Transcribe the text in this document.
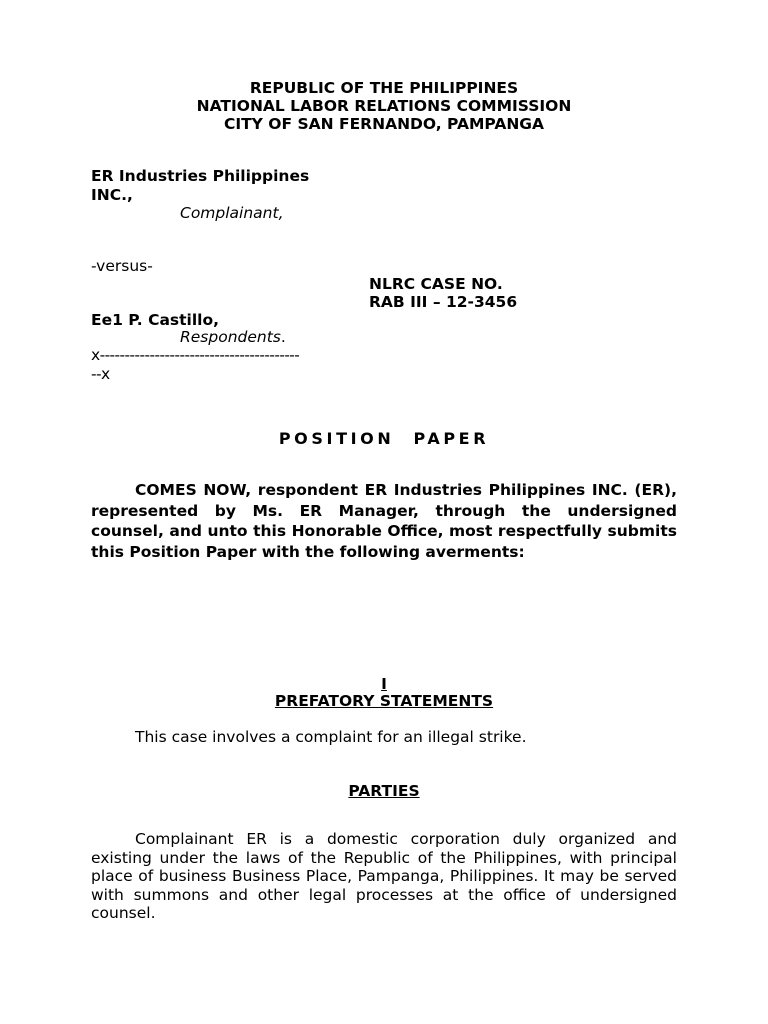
REPUBLIC OF THE PHILIPPINES

NATIONAL LABOR RELATIONS COMMISSION

CITY OF SAN FERNANDO, PAMPANGA

ER Industries Philippines

INC.,

Complainant,

-versus-

NLRC CASE NO.

RAB III – 12-3456

Ee1 P. Castillo,

Respondents.

x----------------------------------------

--x

POSITION PAPER

COMES NOW, respondent ER Industries Philippines INC. (ER), represented by Ms. ER Manager, through the undersigned counsel, and unto this Honorable Office, most respectfully submits this Position Paper with the following averments:

I

PREFATORY STATEMENTS

This case involves a complaint for an illegal strike.

PARTIES

Complainant ER is a domestic corporation duly organized and existing under the laws of the Republic of the Philippines, with principal place of business Business Place, Pampanga, Philippines. It may be served with summons and other legal processes at the office of undersigned counsel.
